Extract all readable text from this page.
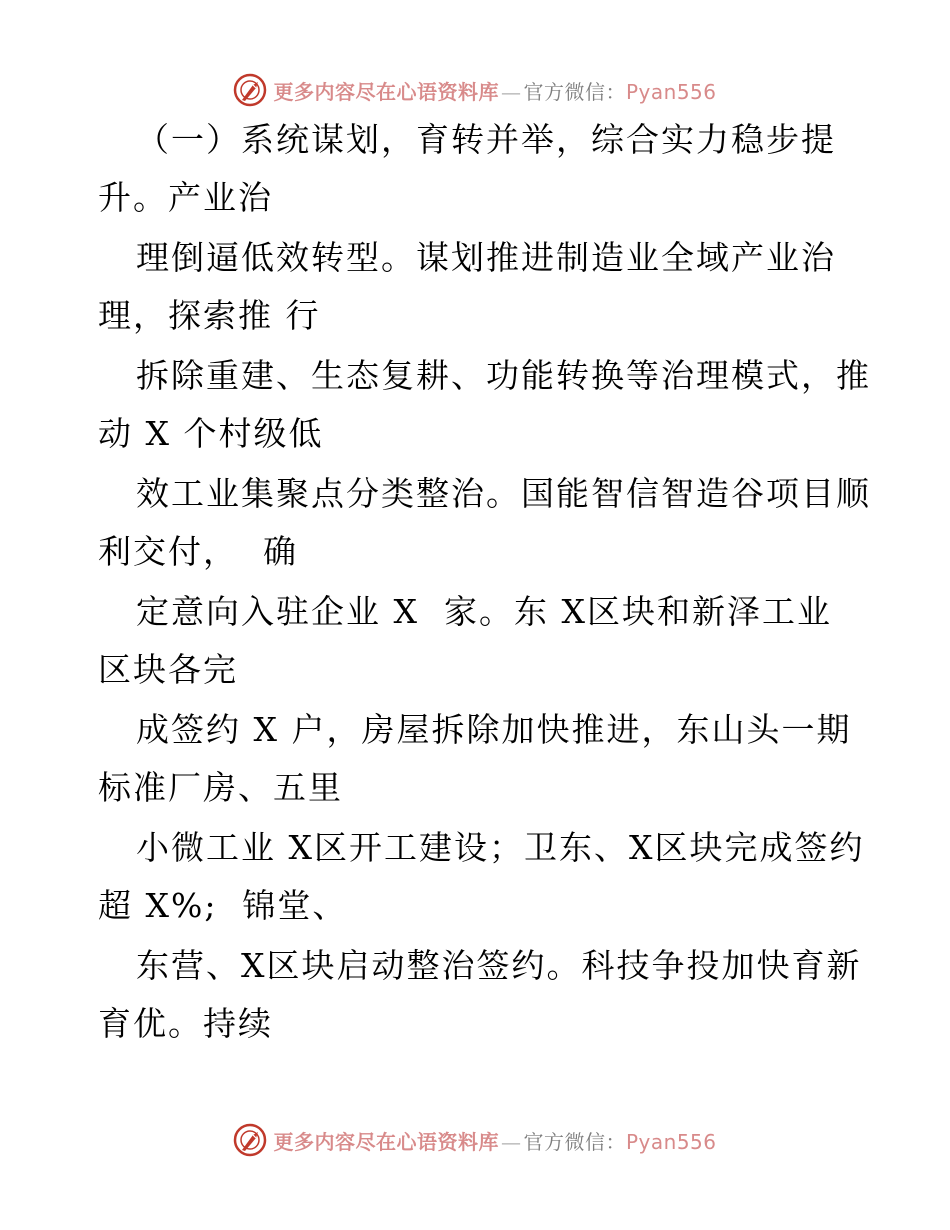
更多内容尽在心语资料库 — 官方微信：Pyan556
（一）系统谋划，育转并举，综合实力稳步提
升。产业治
理倒逼低效转型。谋划推进制造业全域产业治
理，探索推 行
拆除重建、生态复耕、功能转换等治理模式，推
动 X 个村级低
效工业集聚点分类整治。国能智信智造谷项目顺
利交付，  确
定意向入驻企业 X  家。东 X区块和新泽工业
区块各完
成签约 X 户，房屋拆除加快推进，东山头一期
标准厂房、五里
小微工业 X区开工建设；卫东、X区块完成签约
超 X%;  锦堂、
东营、X区块启动整治签约。科技争投加快育新
育优。持续
更多内容尽在心语资料库 — 官方微信：Pyan556
